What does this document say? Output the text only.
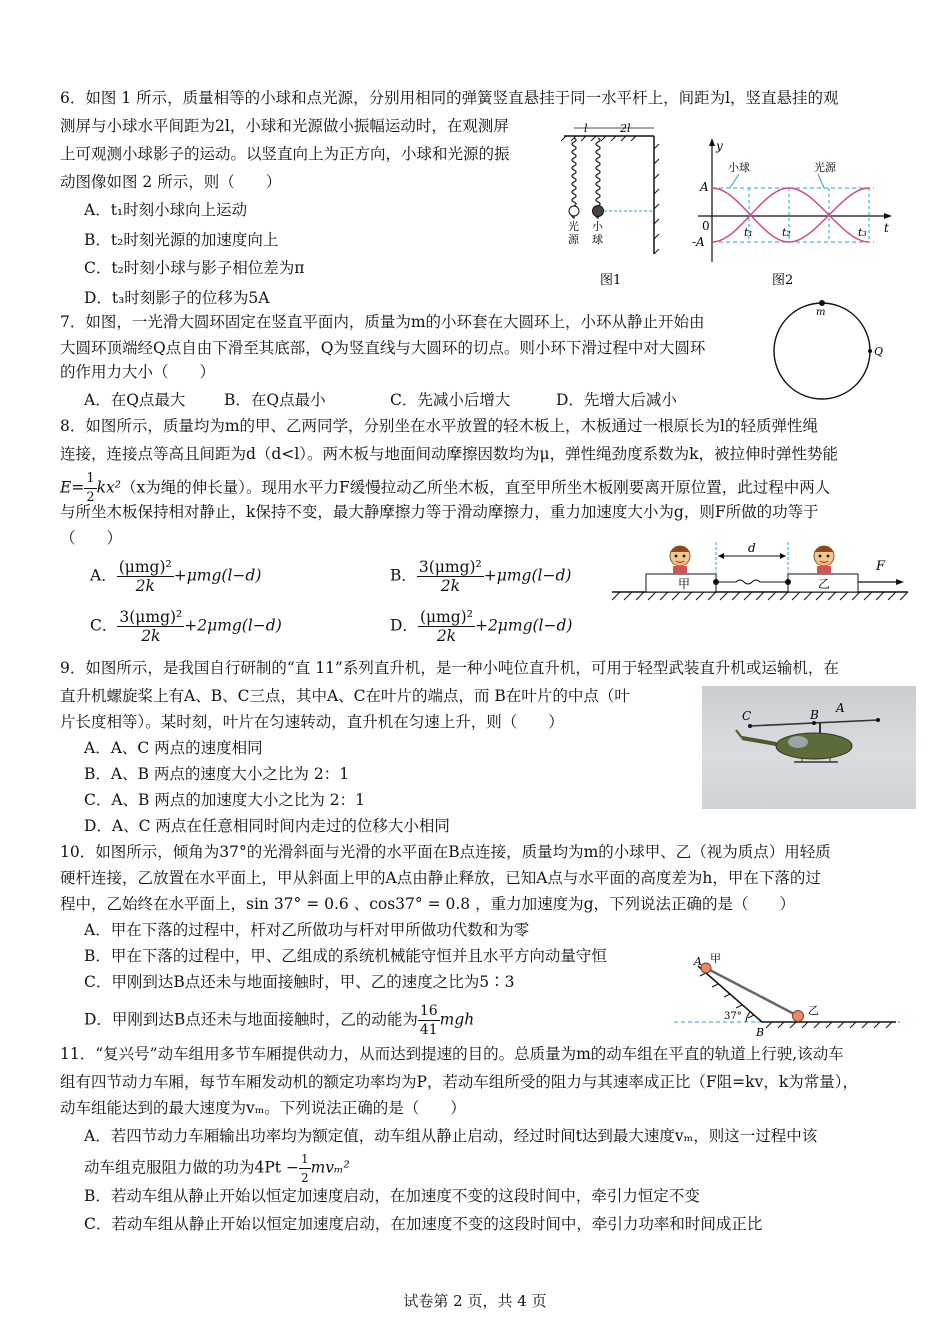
6．如图 1 所示，质量相等的小球和点光源，分别用相同的弹簧竖直悬挂于同一水平杆上，间距为l，竖直悬挂的观
测屏与小球水平间距为2l，小球和光源做小振幅运动时，在观测屏
上可观测小球影子的运动。以竖直向上为正方向，小球和光源的振
动图像如图 2 所示，则（　　）
A．t₁时刻小球向上运动
B．t₂时刻光源的加速度向上
C．t₂时刻小球与影子相位差为π
D．t₃时刻影子的位移为5A
l	2l
光
源
小
球
图1
y
t
A
-A
0
小球	光源
t₁	t₂	t₃
图2
7．如图，一光滑大圆环固定在竖直平面内，质量为m的小环套在大圆环上，小环从静止开始由
大圆环顶端经Q点自由下滑至其底部，Q为竖直线与大圆环的切点。则小环下滑过程中对大圆环
的作用力大小（　　）
A．在Q点最大 B．在Q点最小	C．先减小后增大	D．先增大后减小
m
Q
8．如图所示，质量均为m的甲、乙两同学，分别坐在水平放置的轻木板上，木板通过一根原长为l的轻质弹性绳
连接，连接点等高且间距为d（d<l）。两木板与地面间动摩擦因数均为μ，弹性绳劲度系数为k，被拉伸时弹性势能
$E= \frac{1}{2} kx^2(x$为绳的伸长量）。现用水平力F缓慢拉动乙所坐木板，直至甲所坐木板刚要离开原位置，此过程中两人
与所坐木板保持相对静止，k保持不变，最大静摩擦力等于滑动摩擦力，重力加速度大小为g，则F所做的功等于
（　　）
A． $\frac{\text{(μmg)²}}{2k} +\mu mg(l-d)$	B． $\frac{\text{3(μmg)²}}{2k} +\mu mg(l-d)$
C． $\frac{\text{3(μmg)²}}{2k} +2\mu mg(l-d)$	D． $\frac{\text{(μmg)²}}{2k} +2\mu mg(l-d)$
甲	乙
d
F
9．如图所示，是我国自行研制的“直 11”系列直升机，是一种小吨位直升机，可用于轻型武装直升机或运输机，在
直升机螺旋桨上有A、B、C三点，其中A、C在叶片的端点，而 B在叶片的中点（叶
片长度相等）。某时刻，叶片在匀速转动，直升机在匀速上升，则（　　）
A．A、C 两点的速度相同
B．A、B 两点的速度大小之比为 2：1
C．A、B 两点的加速度大小之比为 2：1
D．A、C 两点在任意相同时间内走过的位移大小相同
A
B
C
10．如图所示，倾角为37°的光滑斜面与光滑的水平面在B点连接，质量均为m的小球甲、乙（视为质点）用轻质
硬杆连接，乙放置在水平面上，甲从斜面上甲的A点由静止释放，已知A点与水平面的高度差为h，甲在下落的过
程中，乙始终在水平面上，sin 37° = 0.6 、cos37° = 0.8 ，重力加速度为g，下列说法正确的是（　　）
A．甲在下落的过程中，杆对乙所做功与杆对甲所做功代数和为零
B．甲在下落的过程中，甲、乙组成的系统机械能守恒并且水平方向动量守恒
C．甲刚到达B点还未与地面接触时，甲、乙的速度之比为5∶3
D．甲刚到达B点还未与地面接触时，乙的动能为 $\frac{16}{41}$ mgh
A 甲
乙
B
37°
11．“复兴号”动车组用多节车厢提供动力，从而达到提速的目的。总质量为m的动车组在平直的轨道上行驶,该动车
组有四节动力车厢，每节车厢发动机的额定功率均为P，若动车组所受的阻力与其速率成正比（F阻=kv，k为常量），
动车组能达到的最大速度为vₘ。下列说法正确的是（　　）
A．若四节动力车厢输出功率均为额定值，动车组从静止启动，经过时间t达到最大速度vₘ，则这一过程中该
动车组克服阻力做的功为$4Pt - \frac{1}{2} mv_m^2$
B．若动车组从静止开始以恒定加速度启动，在加速度不变的这段时间中，牵引力恒定不变
C．若动车组从静止开始以恒定加速度启动，在加速度不变的这段时间中，牵引力功率和时间成正比
试卷第 2 页，共 4 页
